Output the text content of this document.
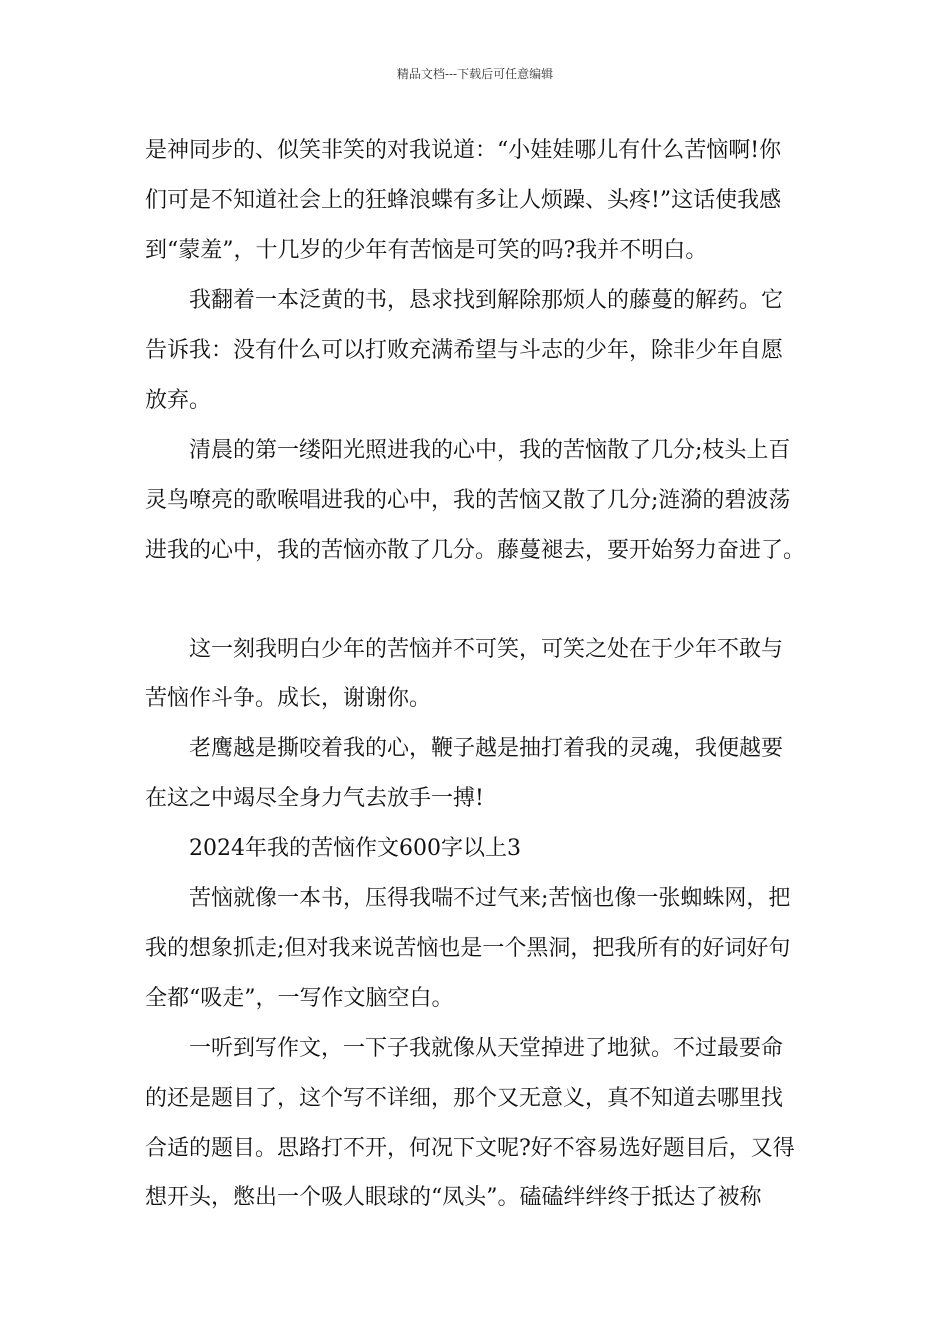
精品文档---下载后可任意编辑
是神同步的、似笑非笑的对我说道：“小娃娃哪儿有什么苦恼啊!你
们可是不知道社会上的狂蜂浪蝶有多让人烦躁、头疼!”这话使我感
到“蒙羞”，十几岁的少年有苦恼是可笑的吗?我并不明白。
我翻着一本泛黄的书，恳求找到解除那烦人的藤蔓的解药。它
告诉我：没有什么可以打败充满希望与斗志的少年，除非少年自愿
放弃。
清晨的第一缕阳光照进我的心中，我的苦恼散了几分;枝头上百
灵鸟嘹亮的歌喉唱进我的心中，我的苦恼又散了几分;涟漪的碧波荡
进我的心中，我的苦恼亦散了几分。藤蔓褪去，要开始努力奋进了。
这一刻我明白少年的苦恼并不可笑，可笑之处在于少年不敢与
苦恼作斗争。成长，谢谢你。
老鹰越是撕咬着我的心，鞭子越是抽打着我的灵魂，我便越要
在这之中竭尽全身力气去放手一搏!
2024年我的苦恼作文600字以上3
苦恼就像一本书，压得我喘不过气来;苦恼也像一张蜘蛛网，把
我的想象抓走;但对我来说苦恼也是一个黑洞，把我所有的好词好句
全都“吸走”，一写作文脑空白。
一听到写作文，一下子我就像从天堂掉进了地狱。不过最要命
的还是题目了，这个写不详细，那个又无意义，真不知道去哪里找
合适的题目。思路打不开，何况下文呢?好不容易选好题目后，又得
想开头，憋出一个吸人眼球的“凤头”。磕磕绊绊终于抵达了被称
